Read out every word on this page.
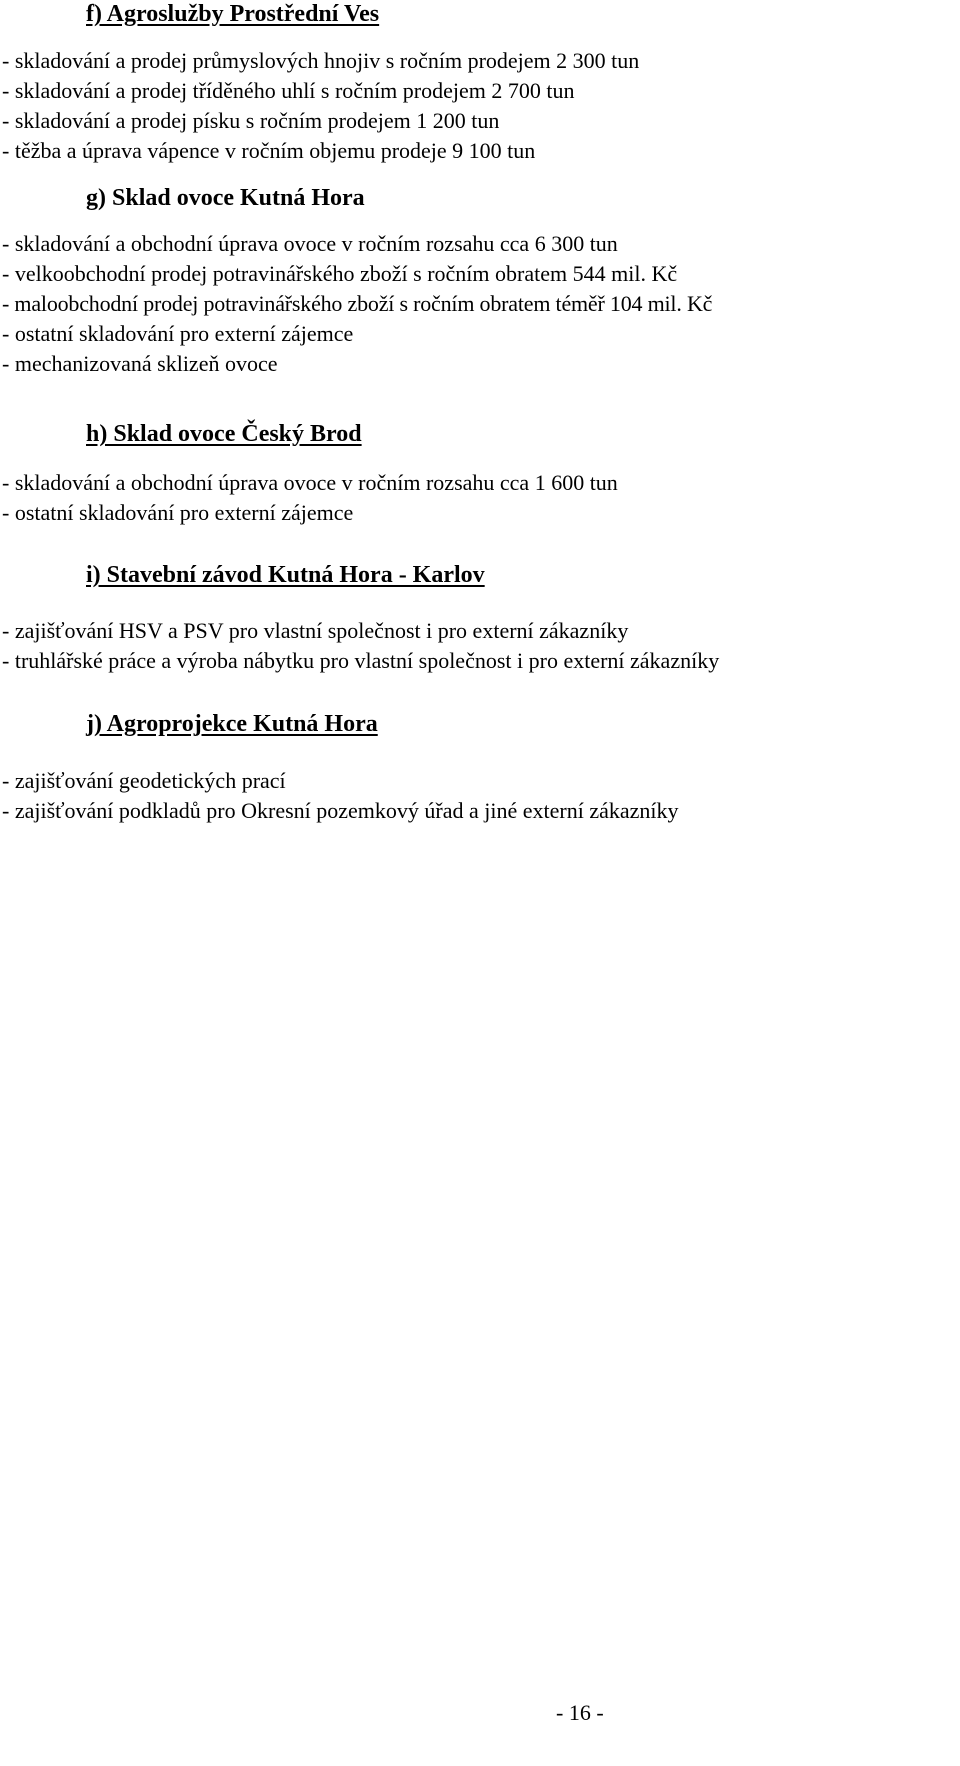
f) Agroslužby Prostřední Ves
- skladování a prodej průmyslových hnojiv s ročním prodejem 2 300 tun
- skladování a prodej tříděného uhlí s ročním prodejem 2 700 tun
- skladování a prodej písku s ročním prodejem 1 200 tun
- těžba a úprava vápence v ročním objemu prodeje 9 100 tun
g) Sklad ovoce Kutná Hora
- skladování a obchodní úprava ovoce v ročním rozsahu cca 6 300 tun
- velkoobchodní prodej potravinářského zboží s ročním obratem 544 mil. Kč
- maloobchodní prodej potravinářského zboží s ročním obratem téměř 104 mil. Kč
- ostatní skladování pro externí zájemce
- mechanizovaná sklizeň ovoce
h) Sklad ovoce Český Brod
- skladování a obchodní úprava ovoce v ročním rozsahu cca 1 600 tun
- ostatní skladování pro externí zájemce
i) Stavební závod Kutná Hora - Karlov
- zajišťování HSV a PSV pro vlastní společnost i pro externí zákazníky
- truhlářské práce a výroba nábytku pro vlastní společnost i pro externí zákazníky
j) Agroprojekce Kutná Hora
- zajišťování geodetických prací
- zajišťování podkladů pro Okresní pozemkový úřad a jiné externí zákazníky
- 16 -
